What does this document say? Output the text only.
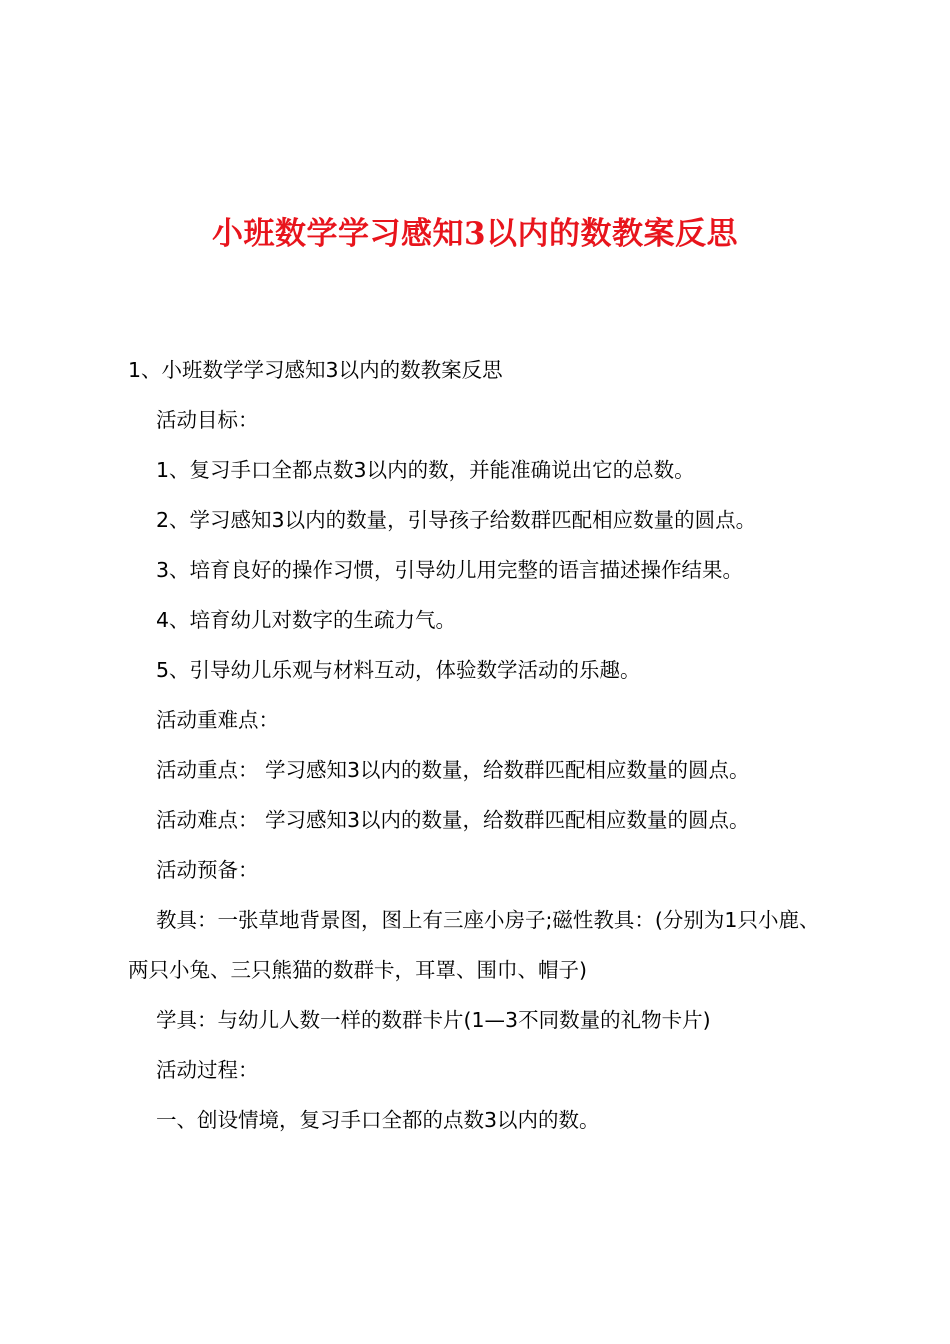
小班数学学习感知3以内的数教案反思
1、小班数学学习感知3以内的数教案反思
活动目标：
1、复习手口全都点数3以内的数，并能准确说出它的总数。
2、学习感知3以内的数量，引导孩子给数群匹配相应数量的圆点。
3、培育良好的操作习惯，引导幼儿用完整的语言描述操作结果。
4、培育幼儿对数字的生疏力气。
5、引导幼儿乐观与材料互动，体验数学活动的乐趣。
活动重难点：
活动重点： 学习感知3以内的数量，给数群匹配相应数量的圆点。
活动难点： 学习感知3以内的数量，给数群匹配相应数量的圆点。
活动预备：
教具：一张草地背景图，图上有三座小房子;磁性教具：(分别为1只小鹿、两只小兔、三只熊猫的数群卡，耳罩、围巾、帽子)
学具：与幼儿人数一样的数群卡片(1—3不同数量的礼物卡片)
活动过程：
一、创设情境，复习手口全都的点数3以内的数。
